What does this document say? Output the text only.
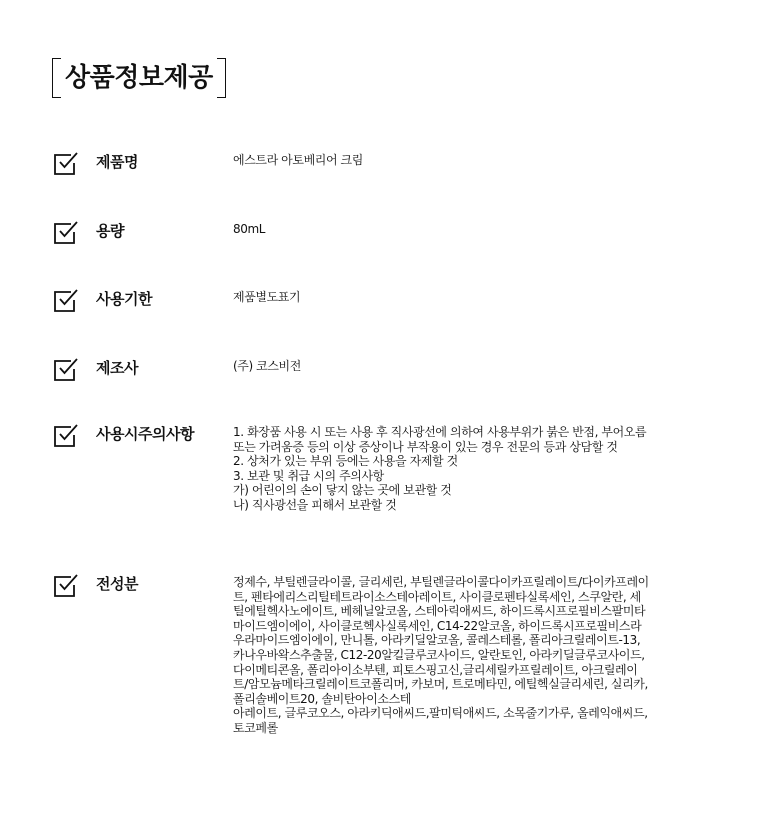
상품정보제공
제품명	에스트라 아토베리어 크림
용량	80mL
사용기한	제품별도표기
제조사	(주) 코스비전
사용시주의사항	1. 화장품 사용 시 또는 사용 후 직사광선에 의하여 사용부위가 붉은 반점, 부어오름
또는 가려움증 등의 이상 증상이나 부작용이 있는 경우 전문의 등과 상담할 것
2. 상처가 있는 부위 등에는 사용을 자제할 것
3. 보관 및 취급 시의 주의사항
가) 어린이의 손이 닿지 않는 곳에 보관할 것
나) 직사광선을 피해서 보관할 것
전성분	정제수, 부틸렌글라이콜, 글리세린, 부틸렌글라이콜다이카프릴레이트/다이카프레이
트, 펜타에리스리틸테트라이소스테아레이트, 사이클로펜타실록세인, 스쿠알란, 세
틸에틸헥사노에이트, 베헤닐알코올, 스테아릭애씨드, 하이드록시프로필비스팔미타
마이드엠이에이, 사이클로헥사실록세인, C14-22알코올, 하이드록시프로필비스라
우라마이드엠이에이, 만니톨, 아라키딜알코올, 콜레스테롤, 폴리아크릴레이트-13,
카나우바왁스추출물, C12-20알킬글루코사이드, 알란토인, 아라키딜글루코사이드,
다이메티콘올, 폴리아이소부텐, 피토스핑고신,글리세릴카프릴레이트, 아크릴레이
트/암모늄메타크릴레이트코폴리머, 카보머, 트로메타민, 에틸헥실글리세린, 실리카,
폴리솔베이트20, 솔비탄아이소스테
아레이트, 글루코오스, 아라키딕애씨드,팔미틱애씨드, 소목줄기가루, 올레익애씨드,
토코페롤
